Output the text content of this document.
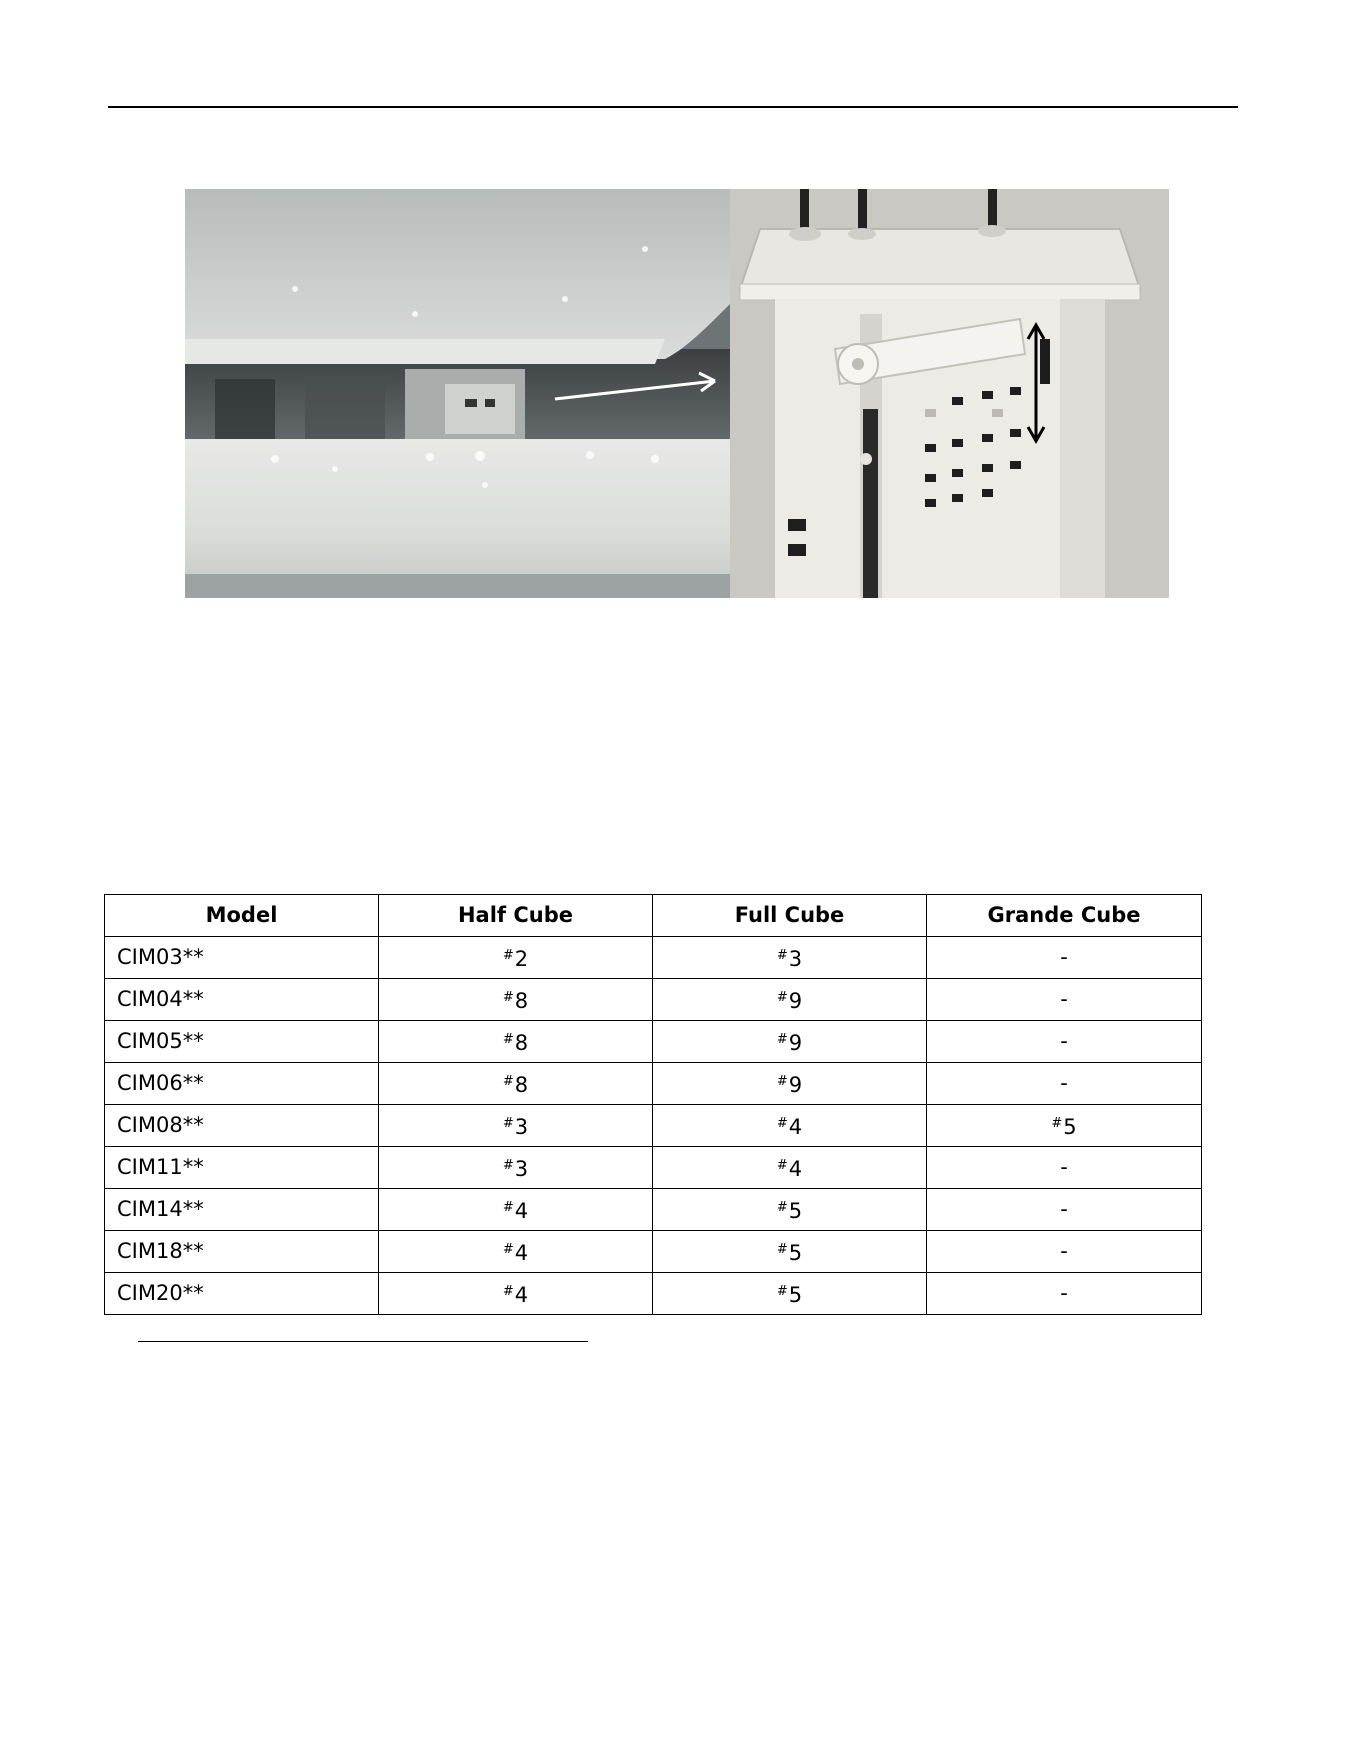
Model	Half Cube	Full Cube	Grande Cube
CIM03**	#2	#3	-
CIM04**	#8	#9	-
CIM05**	#8	#9	-
CIM06**	#8	#9	-
CIM08**	#3	#4	#5
CIM11**	#3	#4	-
CIM14**	#4	#5	-
CIM18**	#4	#5	-
CIM20**	#4	#5	-
